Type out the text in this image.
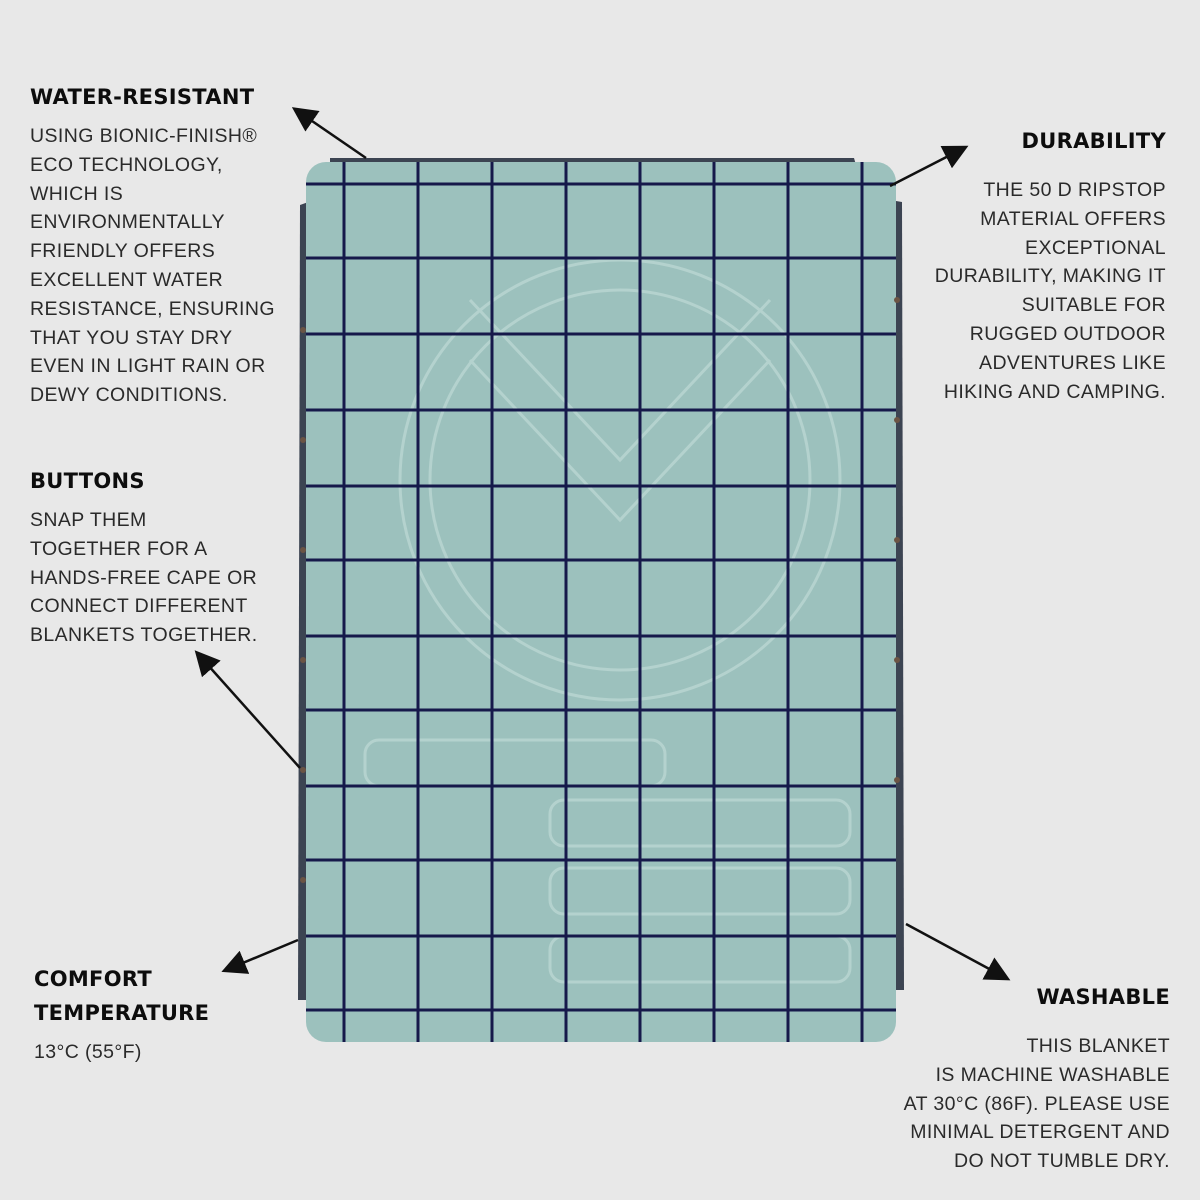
WATER-RESISTANT

USING BIONIC-FINISH®
ECO TECHNOLOGY,
WHICH IS
ENVIRONMENTALLY
FRIENDLY OFFERS
EXCELLENT WATER
RESISTANCE, ENSURING
THAT YOU STAY DRY
EVEN IN LIGHT RAIN OR
DEWY CONDITIONS.

BUTTONS

SNAP THEM
TOGETHER FOR A
HANDS-FREE CAPE OR
CONNECT DIFFERENT
BLANKETS TOGETHER.

COMFORT
TEMPERATURE

13°C (55°F)

DURABILITY

THE 50 D RIPSTOP
MATERIAL OFFERS
EXCEPTIONAL
DURABILITY, MAKING IT
SUITABLE FOR
RUGGED OUTDOOR
ADVENTURES LIKE
HIKING AND CAMPING.

WASHABLE

THIS BLANKET
IS MACHINE WASHABLE
AT 30°C (86F). PLEASE USE
MINIMAL DETERGENT AND
DO NOT TUMBLE DRY.
